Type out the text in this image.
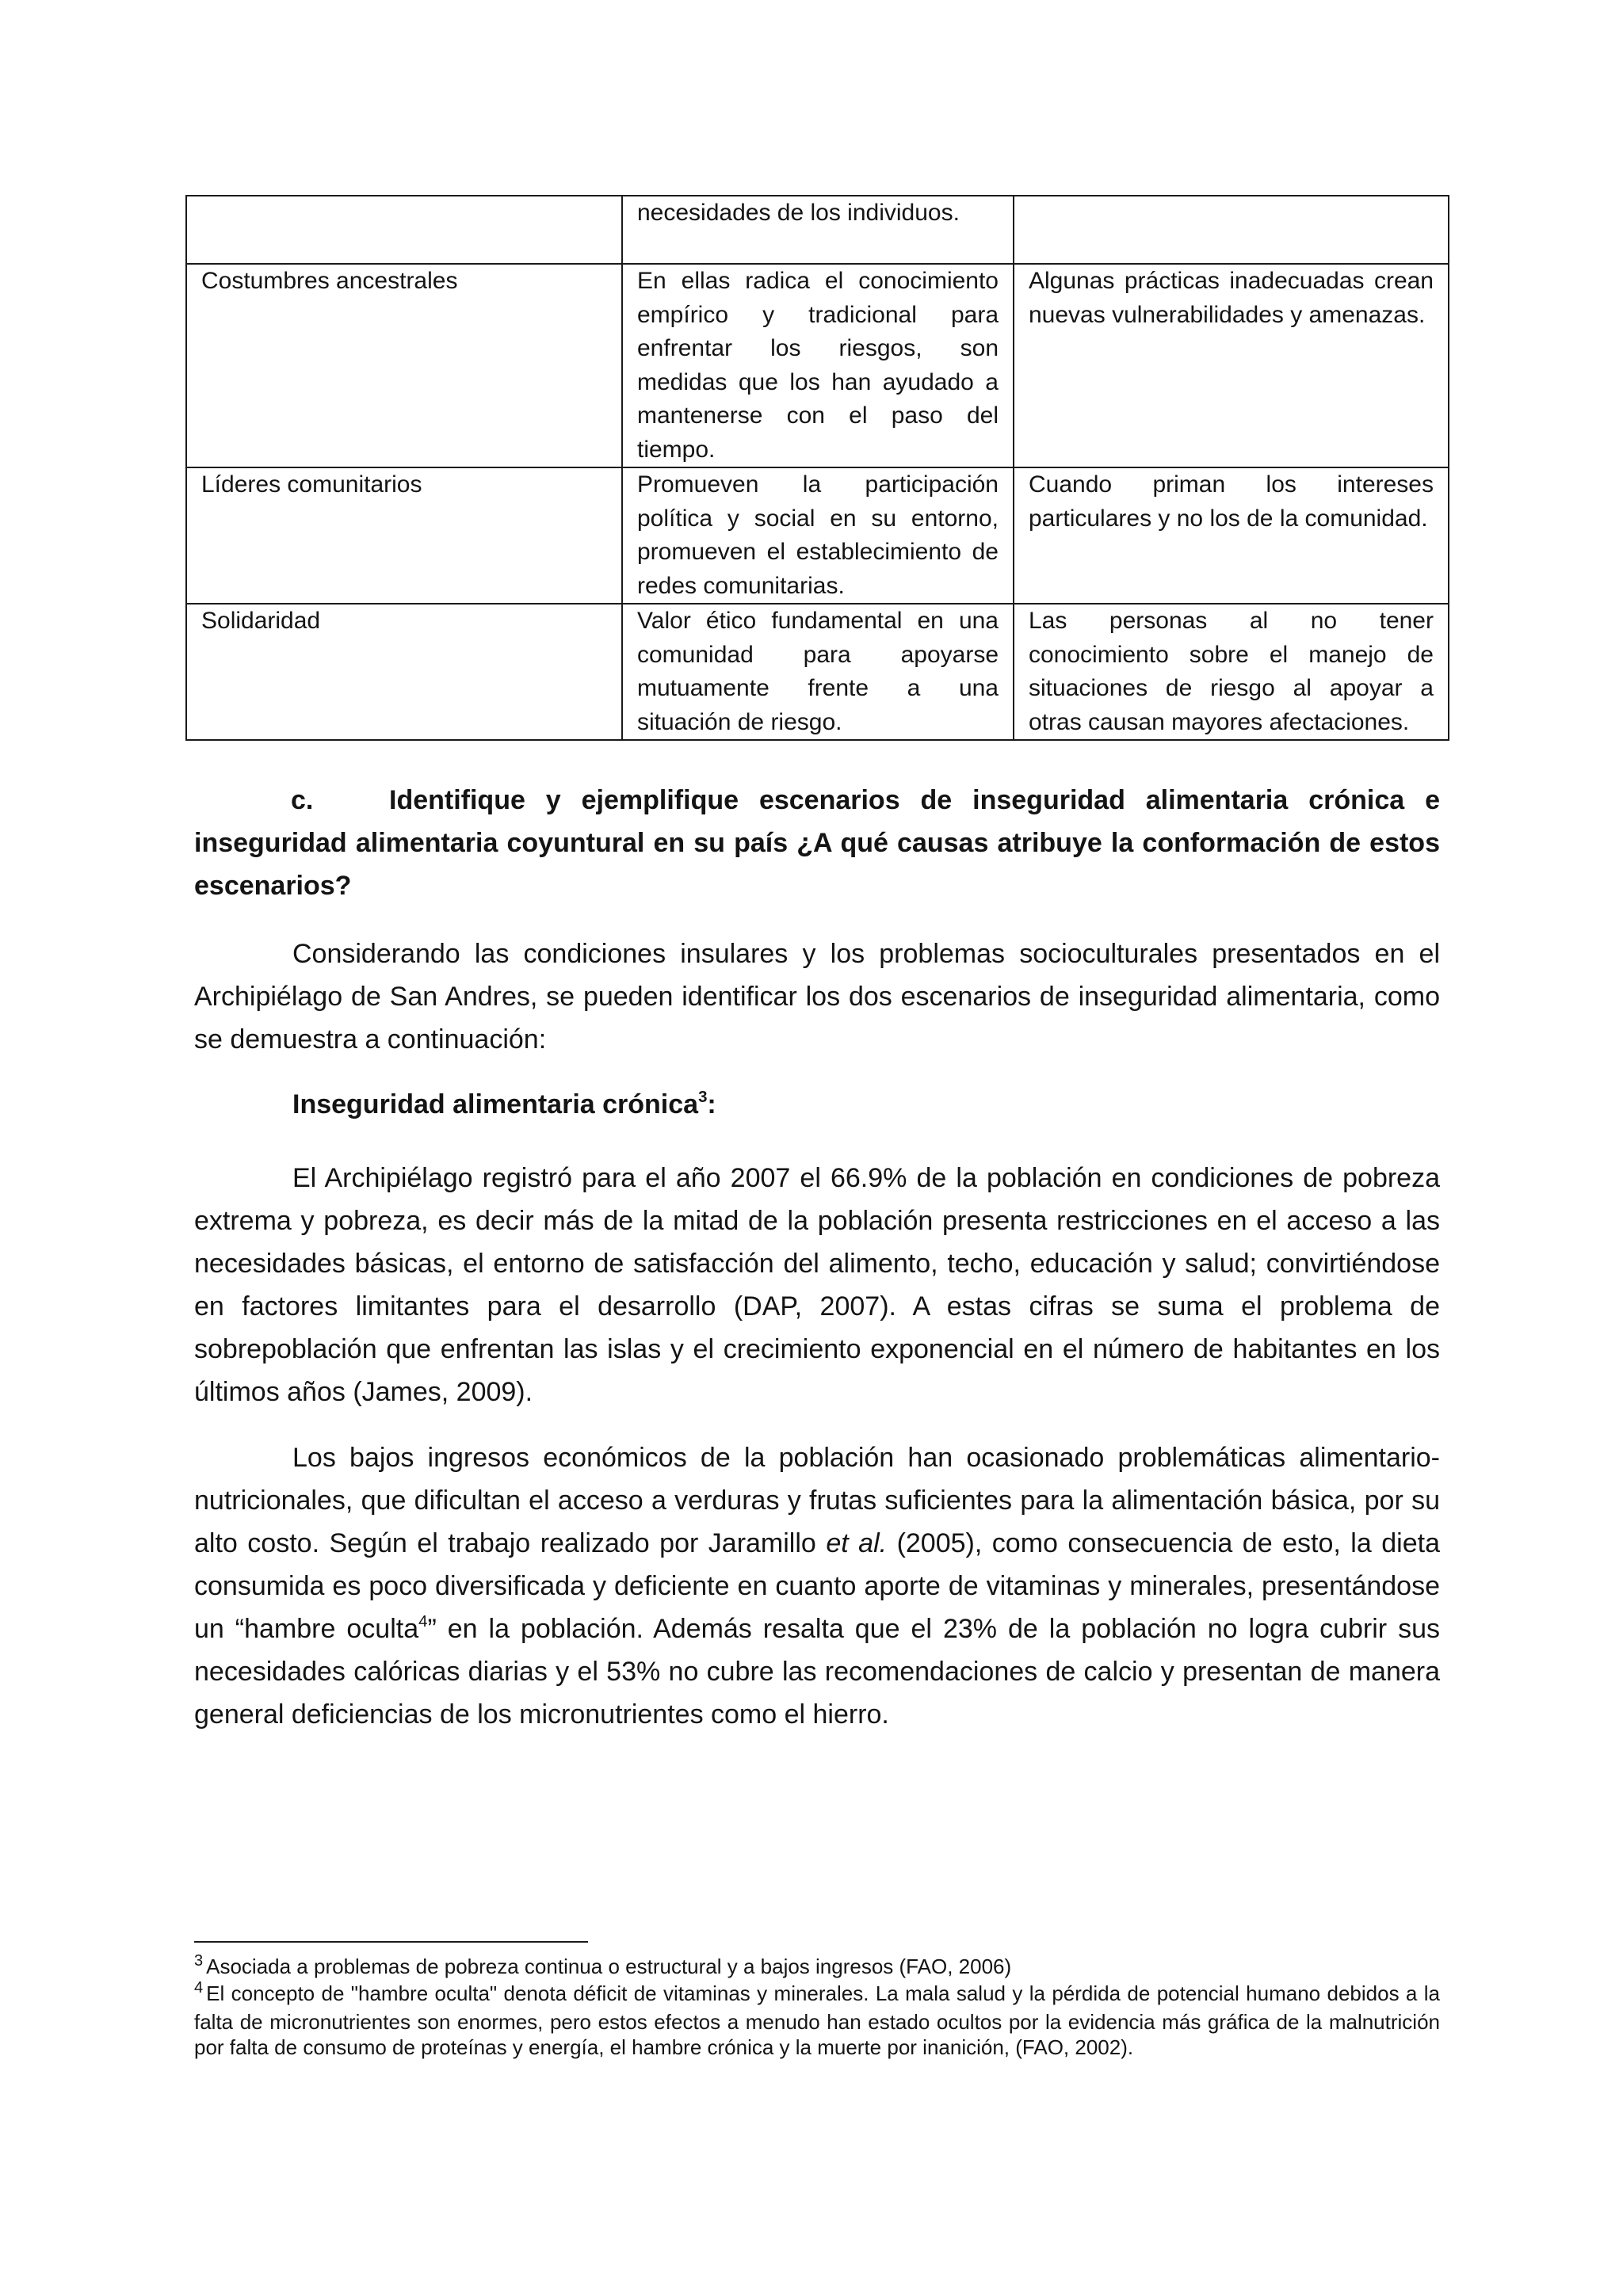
	necesidades de los individuos.	
Costumbres ancestrales	En ellas radica el conocimiento empírico y tradicional para enfrentar los riesgos, son medidas que los han ayudado a mantenerse con el paso del tiempo.	Algunas prácticas inadecuadas crean nuevas vulnerabilidades y amenazas.
Líderes comunitarios	Promueven la participación política y social en su entorno, promueven el establecimiento de redes comunitarias.	Cuando priman los intereses particulares y no los de la comunidad.
Solidaridad	Valor ético fundamental en una comunidad para apoyarse mutuamente frente a una situación de riesgo.	Las personas al no tener conocimiento sobre el manejo de situaciones de riesgo al apoyar a otras causan mayores afectaciones.
c.	Identifique y ejemplifique escenarios de inseguridad alimentaria crónica e inseguridad alimentaria coyuntural en su país ¿A qué causas atribuye la conformación de estos escenarios?

Considerando las condiciones insulares y los problemas socioculturales presentados en el Archipiélago de San Andres, se pueden identificar los dos escenarios de inseguridad alimentaria, como se demuestra a continuación:

Inseguridad alimentaria crónica$^3$:

El Archipiélago registró para el año 2007 el 66.9% de la población en condiciones de pobreza extrema y pobreza, es decir más de la mitad de la población presenta restricciones en el acceso a las necesidades básicas, el entorno de satisfacción del alimento, techo, educación y salud; convirtiéndose en factores limitantes para el desarrollo (DAP, 2007). A estas cifras se suma el problema de sobrepoblación que enfrentan las islas y el crecimiento exponencial en el número de habitantes en los últimos años (James, 2009).

Los bajos ingresos económicos de la población han ocasionado problemáticas alimentario-nutricionales, que dificultan el acceso a verduras y frutas suficientes para la alimentación básica, por su alto costo. Según el trabajo realizado por Jaramillo et al. (2005), como consecuencia de esto, la dieta consumida es poco diversificada y deficiente en cuanto aporte de vitaminas y minerales, presentándose un “hambre oculta$^4$” en la población. Además resalta que el 23% de la población no logra cubrir sus necesidades calóricas diarias y el 53% no cubre las recomendaciones de calcio y presentan de manera general deficiencias de los micronutrientes como el hierro.

$^3$ Asociada a problemas de pobreza continua o estructural y a bajos ingresos (FAO, 2006)

$^4$ El concepto de "hambre oculta" denota déficit de vitaminas y minerales. La mala salud y la pérdida de potencial humano debidos a la falta de micronutrientes son enormes, pero estos efectos a menudo han estado ocultos por la evidencia más gráfica de la malnutrición por falta de consumo de proteínas y energía, el hambre crónica y la muerte por inanición, (FAO, 2002).
